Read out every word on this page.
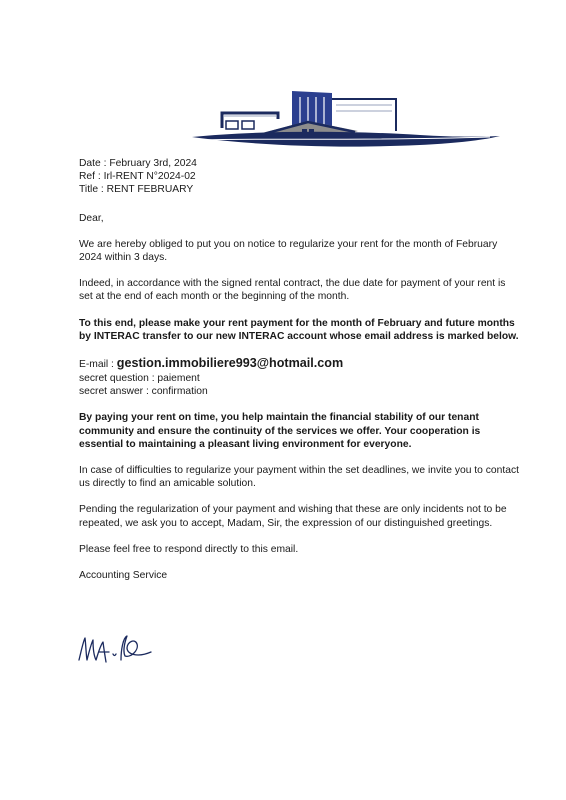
Date : February 3rd, 2024

Ref : Irl-RENT N°2024-02

Title : RENT FEBRUARY

Dear,

We are hereby obliged to put you on notice to regularize your rent for the month of February 2024 within 3 days.

Indeed, in accordance with the signed rental contract, the due date for payment of your rent is set at the end of each month or the beginning of the month.

To this end, please make your rent payment for the month of February and future months by INTERAC transfer to our new INTERAC account whose email address is marked below.

E-mail : gestion.immobiliere993@hotmail.com

secret question : paiement

secret answer : confirmation

By paying your rent on time, you help maintain the financial stability of our tenant community and ensure the continuity of the services we offer. Your cooperation is essential to maintaining a pleasant living environment for everyone.

In case of difficulties to regularize your payment within the set deadlines, we invite you to contact us directly to find an amicable solution.

Pending the regularization of your payment and wishing that these are only incidents not to be repeated, we ask you to accept, Madam, Sir, the expression of our distinguished greetings.

Please feel free to respond directly to this email.

Accounting Service
